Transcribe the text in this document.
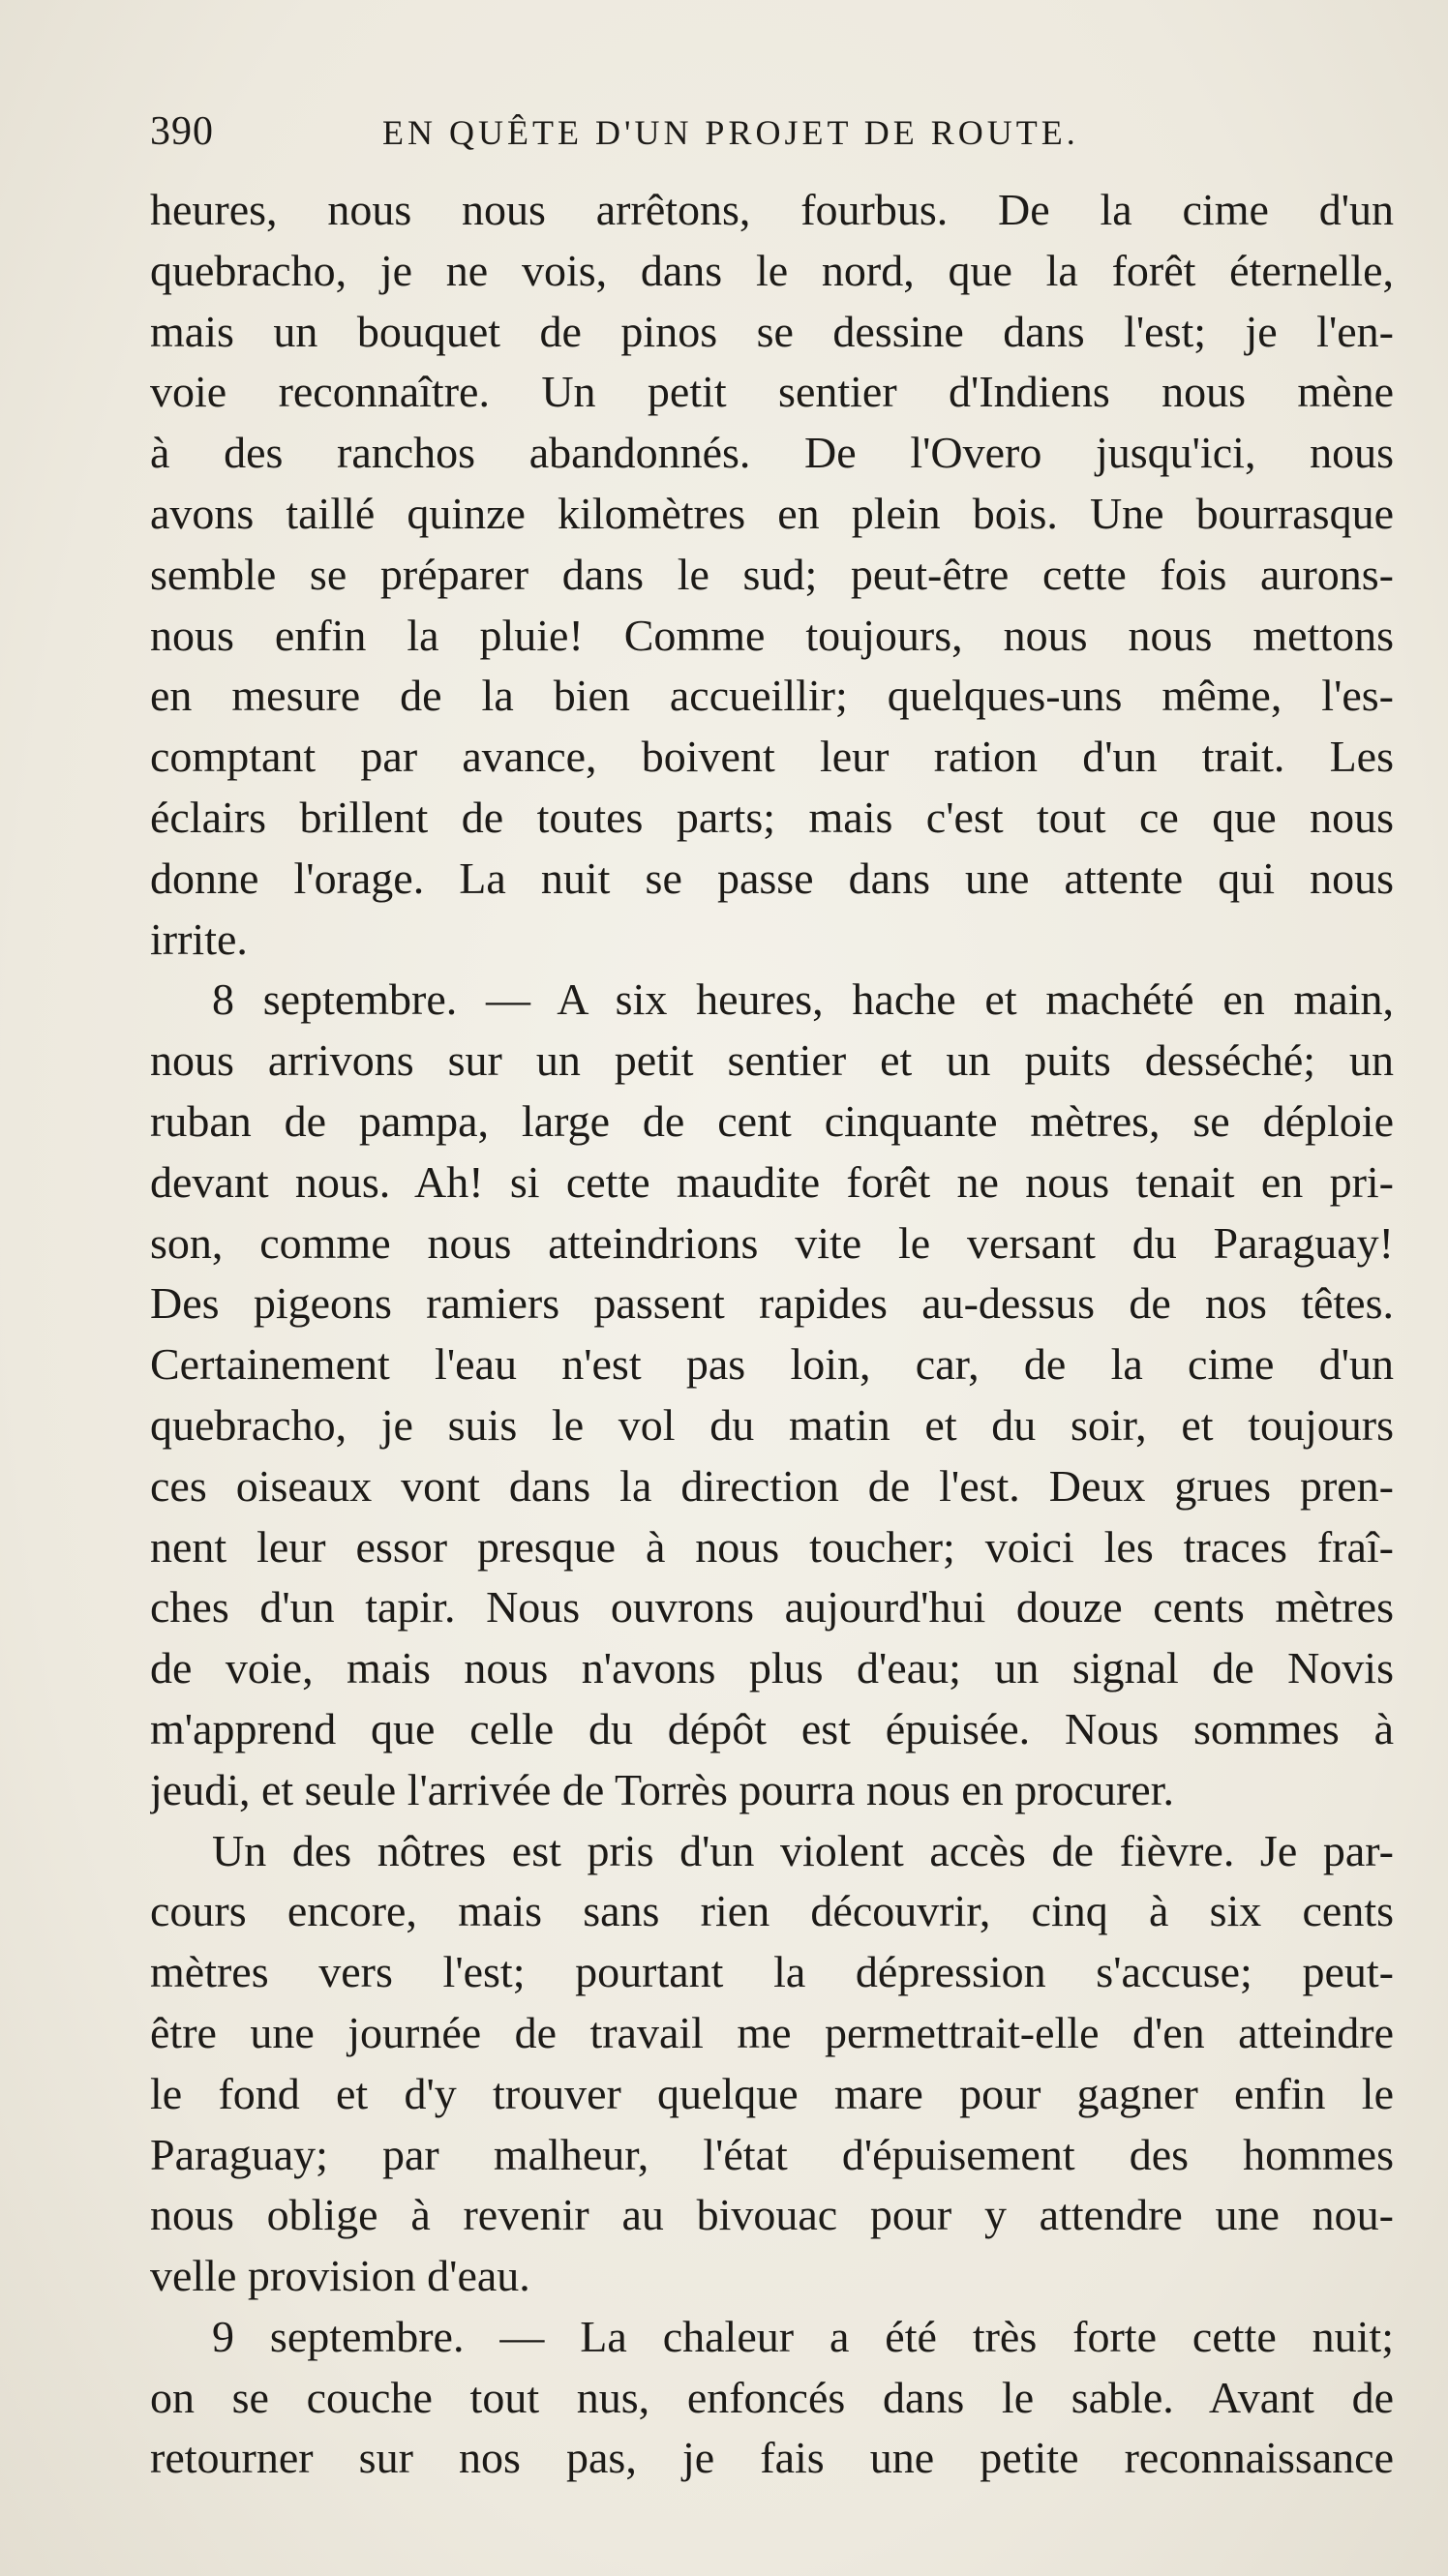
390	EN QUÊTE D'UN PROJET DE ROUTE.
heures, nous nous arrêtons, fourbus. De la cime d'un
quebracho, je ne vois, dans le nord, que la forêt éternelle,
mais un bouquet de pinos se dessine dans l'est; je l'en-
voie reconnaître. Un petit sentier d'Indiens nous mène
à des ranchos abandonnés. De l'Overo jusqu'ici, nous
avons taillé quinze kilomètres en plein bois. Une bourrasque
semble se préparer dans le sud; peut-être cette fois aurons-
nous enfin la pluie! Comme toujours, nous nous mettons
en mesure de la bien accueillir; quelques-uns même, l'es-
comptant par avance, boivent leur ration d'un trait. Les
éclairs brillent de toutes parts; mais c'est tout ce que nous
donne l'orage. La nuit se passe dans une attente qui nous
irrite.
8 septembre. — A six heures, hache et machété en main,
nous arrivons sur un petit sentier et un puits desséché; un
ruban de pampa, large de cent cinquante mètres, se déploie
devant nous. Ah! si cette maudite forêt ne nous tenait en pri-
son, comme nous atteindrions vite le versant du Paraguay!
Des pigeons ramiers passent rapides au-dessus de nos têtes.
Certainement l'eau n'est pas loin, car, de la cime d'un
quebracho, je suis le vol du matin et du soir, et toujours
ces oiseaux vont dans la direction de l'est. Deux grues pren-
nent leur essor presque à nous toucher; voici les traces fraî-
ches d'un tapir. Nous ouvrons aujourd'hui douze cents mètres
de voie, mais nous n'avons plus d'eau; un signal de Novis
m'apprend que celle du dépôt est épuisée. Nous sommes à
jeudi, et seule l'arrivée de Torrès pourra nous en procurer.
Un des nôtres est pris d'un violent accès de fièvre. Je par-
cours encore, mais sans rien découvrir, cinq à six cents
mètres vers l'est; pourtant la dépression s'accuse; peut-
être une journée de travail me permettrait-elle d'en atteindre
le fond et d'y trouver quelque mare pour gagner enfin le
Paraguay; par malheur, l'état d'épuisement des hommes
nous oblige à revenir au bivouac pour y attendre une nou-
velle provision d'eau.
9 septembre. — La chaleur a été très forte cette nuit;
on se couche tout nus, enfoncés dans le sable. Avant de
retourner sur nos pas, je fais une petite reconnaissance
